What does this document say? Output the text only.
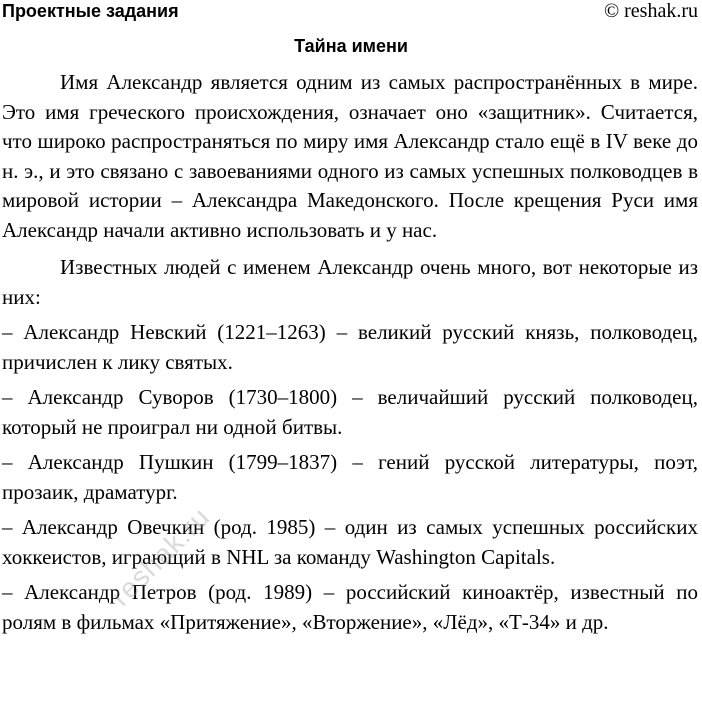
Проектные задания	© reshak.ru
Тайна имени

Имя Александр является одним из самых распространённых в мире. Это имя греческого происхождения, означает оно «защитник». Считается, что широко распространяться по миру имя Александр стало ещё в IV веке до н. э., и это связано с завоеваниями одного из самых успешных полководцев в мировой истории – Александра Македонского. После крещения Руси имя Александр начали активно использовать и у нас.

Известных людей с именем Александр очень много, вот некоторые из них:

– Александр Невский (1221–1263) – великий русский князь, полководец, причислен к лику святых.

– Александр Суворов (1730–1800) – величайший русский полководец, который не проиграл ни одной битвы.

– Александр Пушкин (1799–1837) – гений русской литературы, поэт, прозаик, драматург.

– Александр Овечкин (род. 1985) – один из самых успешных российских хоккеистов, играющий в NHL за команду Washington Capitals.

– Александр Петров (род. 1989) – российский киноактёр, известный по ролям в фильмах «Притяжение», «Вторжение», «Лёд», «Т-34» и др.

reshak.ru
